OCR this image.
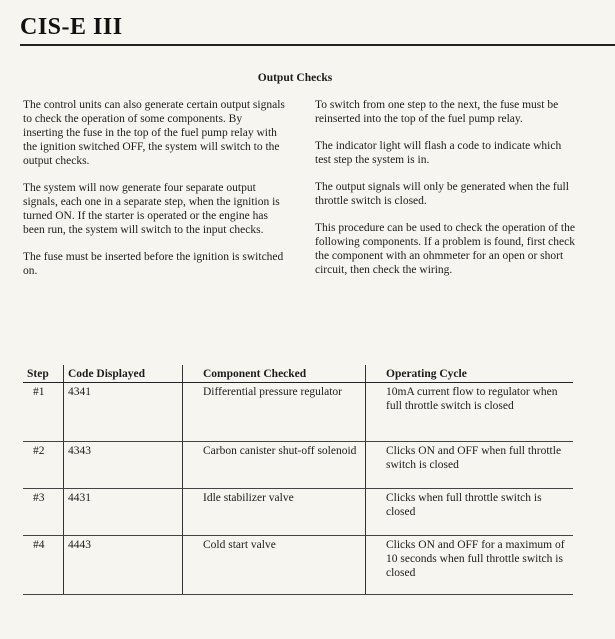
CIS-E III
Output Checks

The control units can also generate certain output signals to check the operation of some components. By inserting the fuse in the top of the fuel pump relay with the ignition switched OFF, the system will switch to the output checks.

The system will now generate four separate output signals, each one in a separate step, when the ignition is turned ON. If the starter is operated or the engine has been run, the system will switch to the input checks.

The fuse must be inserted before the ignition is switched on.

To switch from one step to the next, the fuse must be reinserted into the top of the fuel pump relay.

The indicator light will flash a code to indicate which test step the system is in.

The output signals will only be generated when the full throttle switch is closed.

This procedure can be used to check the operation of the following components. If a problem is found, first check the component with an ohmmeter for an open or short circuit, then check the wiring.

Step	Code Displayed	Component Checked	Operating Cycle
#1	4341	Differential pressure regulator	10mA current flow to regulator when full throttle switch is closed
#2	4343	Carbon canister shut-off solenoid	Clicks ON and OFF when full throttle switch is closed
#3	4431	Idle stabilizer valve	Clicks when full throttle switch is closed
#4	4443	Cold start valve	Clicks ON and OFF for a maximum of 10 seconds when full throttle switch is closed
